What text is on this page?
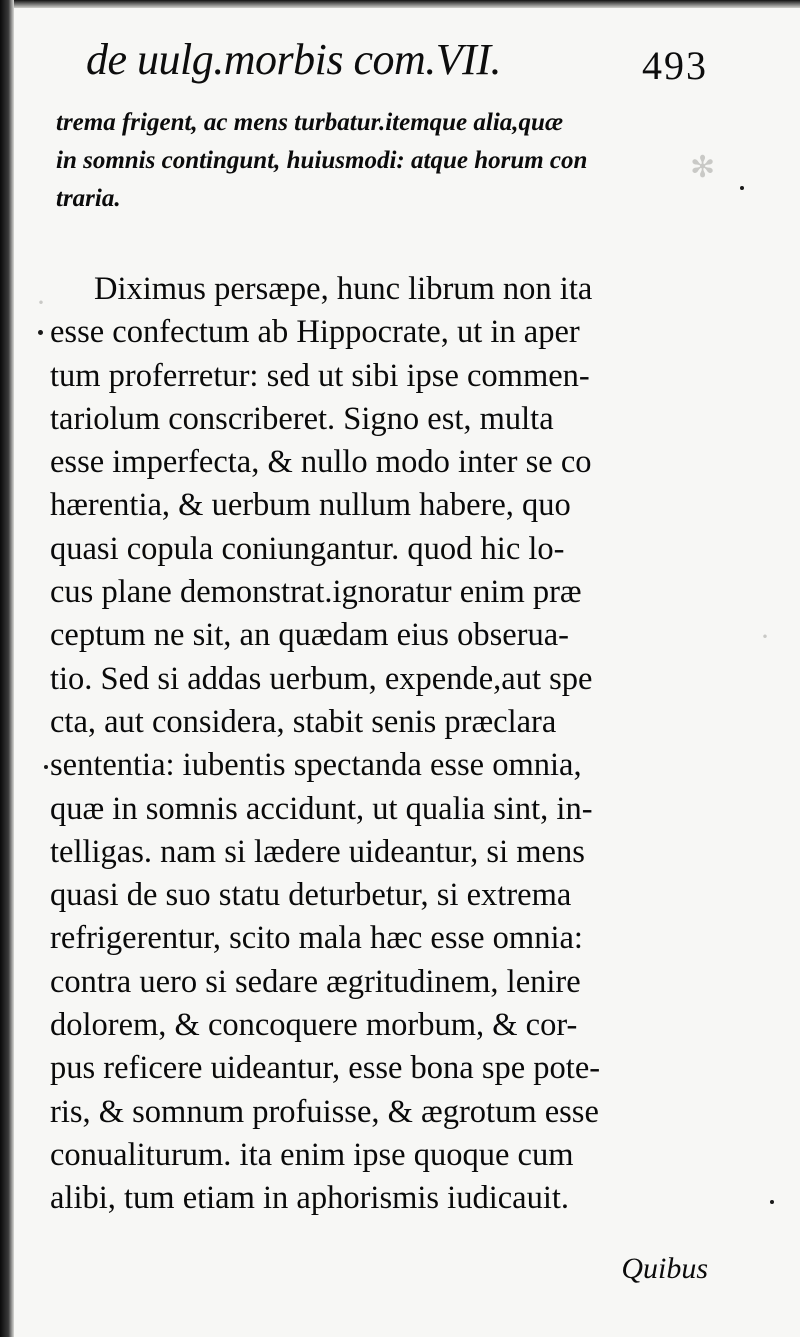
✻
·
·
de uulg.morbis com.VII.	493
trema frigent, ac mens turbatur.itemque alia,quæ
in somnis contingunt, huiusmodi: atque horum con
traria.
Diximus persæpe, hunc librum non ita
esse confectum ab Hippocrate, ut in aper
tum proferretur: sed ut sibi ipse commen-
tariolum conscriberet. Signo est, multa
esse imperfecta, & nullo modo inter se co
hærentia, & uerbum nullum habere, quo
quasi copula coniungantur. quod hic lo-
cus plane demonstrat.ignoratur enim præ
ceptum ne sit, an quædam eius obseruа-
tio. Sed si addas uerbum, expende,aut spe
cta, aut considera, stabit senis præclara
sententia: iubentis spectanda esse omnia,
quæ in somnis accidunt, ut qualia sint, in-
telligas. nam si lædere uideantur, si mens
quasi de suo statu deturbetur, si extrema
refrigerentur, scito mala hæc esse omnia:
contra uero si sedare ægritudinem, lenire
dolorem, & concoquere morbum, & cor-
pus reficere uideantur, esse bona spe pote-
ris, & somnum profuisse, & ægrotum esse
conualiturum. ita enim ipse quoque cum
alibi, tum etiam in aphorismis iudicauit.
Quibus
